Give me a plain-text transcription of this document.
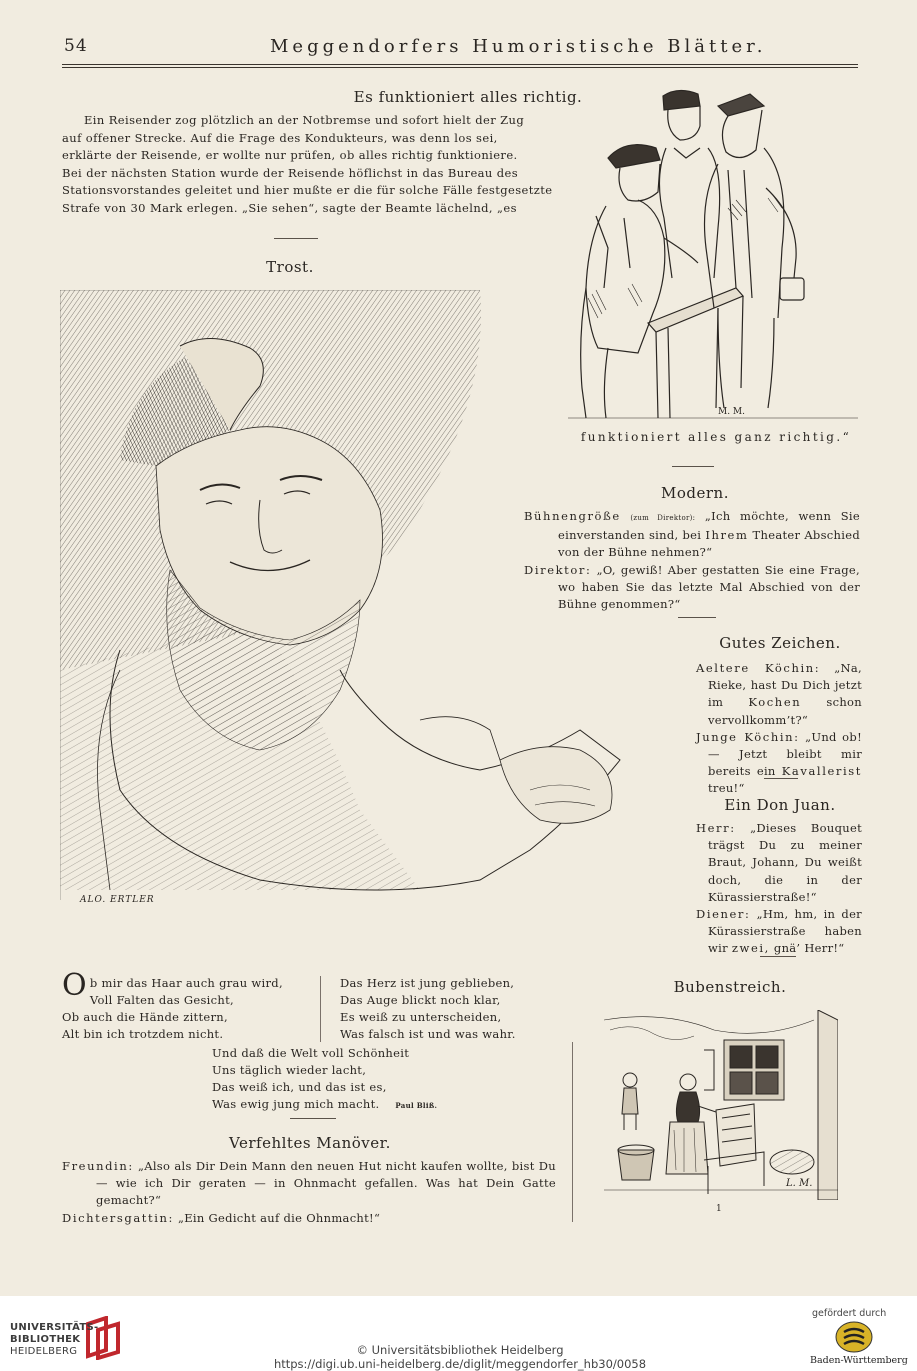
54	Meggendorfers Humoristische Blätter.
Es funktioniert alles richtig.
Ein Reisender zog plötzlich an der Notbremse und sofort hielt der Zug
auf offener Strecke. Auf die Frage des Kondukteurs, was denn los sei,
erklärte der Reisende, er wollte nur prüfen, ob alles richtig funktioniere.
Bei der nächsten Station wurde der Reisende höflichst in das Bureau des
Stationsvorstandes geleitet und hier mußte er die für solche Fälle festgesetzte
Strafe von 30 Mark erlegen. „Sie sehen“, sagte der Beamte lächelnd, „es
M. M.
funktioniert alles ganz richtig.“
Trost.
ALO. ERTLER
Ob mir das Haar auch grau wird,
Voll Falten das Gesicht,
Ob auch die Hände zittern,
Alt bin ich trotzdem nicht.
Das Herz ist jung geblieben,
Das Auge blickt noch klar,
Es weiß zu unterscheiden,
Was falsch ist und was wahr.
Und daß die Welt voll Schönheit
Uns täglich wieder lacht,
Das weiß ich, und das ist es,
Was ewig jung mich macht. Paul Bliß.
Verfehltes Manöver.

Freundin: „Also als Dir Dein Mann den neuen Hut nicht kaufen wollte, bist Du — wie ich Dir geraten — in Ohnmacht gefallen. Was hat Dein Gatte gemacht?“

Dichtersgattin: „Ein Gedicht auf die Ohnmacht!“

Modern.

Bühnengröße (zum Direktor): „Ich möchte, wenn Sie einverstanden sind, bei Ihrem Theater Abschied von der Bühne nehmen?“

Direktor: „O, gewiß! Aber gestatten Sie eine Frage, wo haben Sie das letzte Mal Abschied von der Bühne genommen?“

Gutes Zeichen.

Aeltere Köchin: „Na, Rieke, hast Du Dich jetzt im Kochen schon vervollkomm’t?“

Junge Köchin: „Und ob! — Jetzt bleibt mir bereits ein Kavallerist treu!“

Ein Don Juan.

Herr: „Dieses Bouquet trägst Du zu meiner Braut, Johann, Du weißt doch, die in der Kürassierstraße!“

Diener: „Hm, hm, in der Kürassierstraße haben wir zwei, gnä’ Herr!“

Bubenstreich.
L. M.
1
UNIVERSITÄTS-
BIBLIOTHEK
HEIDELBERG	© Universitätsbibliothek Heidelberg
https://digi.ub.uni-heidelberg.de/diglit/meggendorfer_hb30/0058
gefördert durch
Baden-Württemberg
